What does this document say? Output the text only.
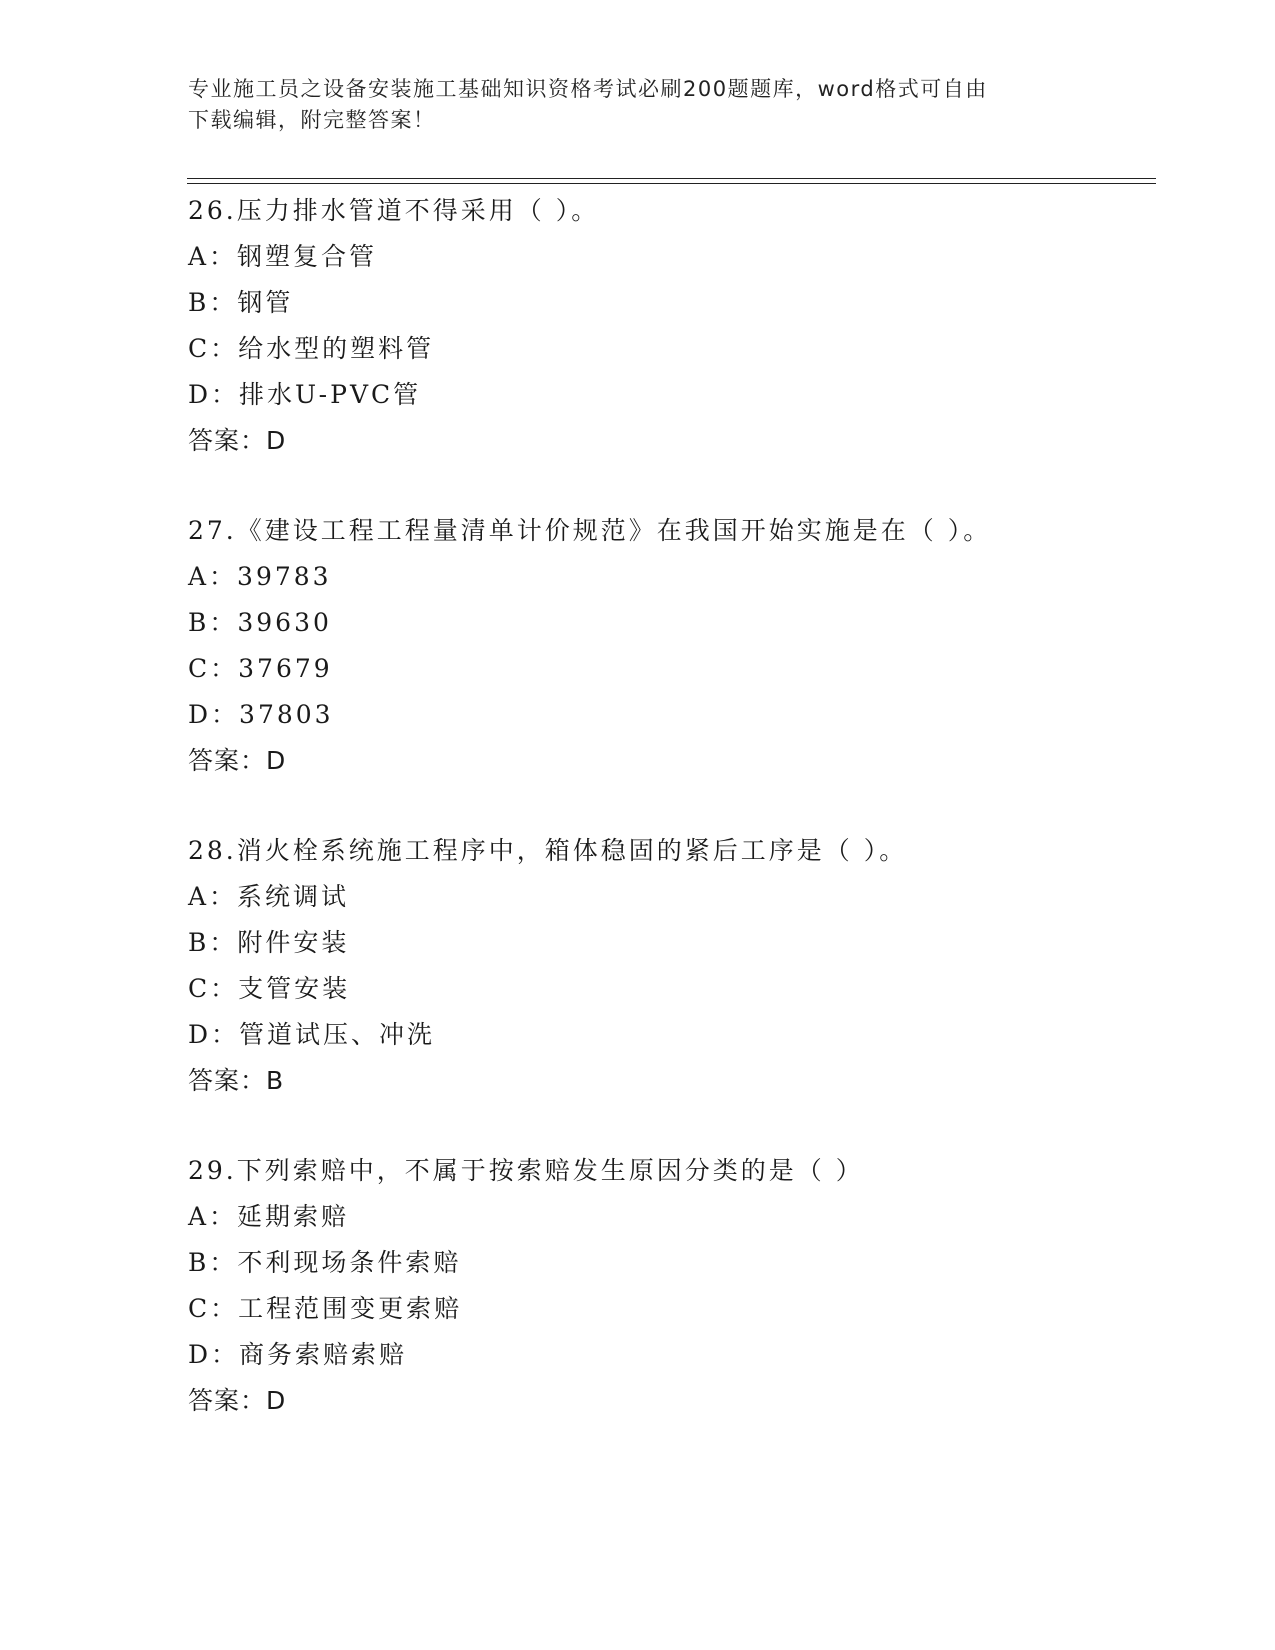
专业施工员之设备安装施工基础知识资格考试必刷200题题库，word格式可自由
下载编辑，附完整答案！
26.压力排水管道不得采用（ ）。
A：钢塑复合管
B：钢管
C：给水型的塑料管
D：排水U-PVC管
答案：D
27.《建设工程工程量清单计价规范》在我国开始实施是在（ ）。
A：39783
B：39630
C：37679
D：37803
答案：D
28.消火栓系统施工程序中，箱体稳固的紧后工序是（ ）。
A：系统调试
B：附件安装
C：支管安装
D：管道试压、冲洗
答案：B
29.下列索赔中，不属于按索赔发生原因分类的是（ ）
A：延期索赔
B：不利现场条件索赔
C：工程范围变更索赔
D：商务索赔索赔
答案：D
